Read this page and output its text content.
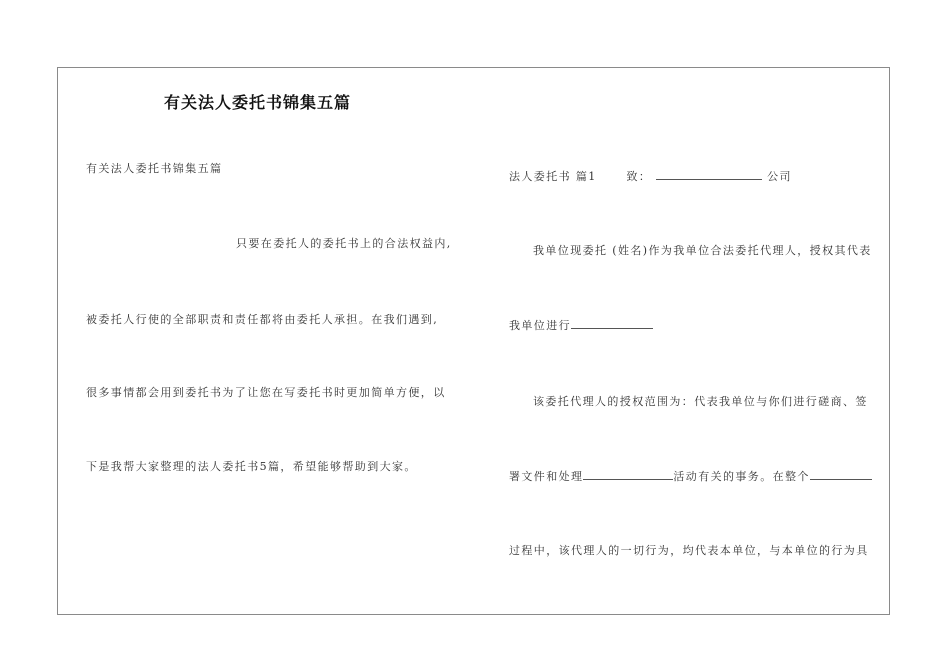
有关法人委托书锦集五篇
有关法人委托书锦集五篇
只要在委托人的委托书上的合法权益内,
被委托人行使的全部职责和责任都将由委托人承担。在我们遇到,
很多事情都会用到委托书为了让您在写委托书时更加简单方便，以
下是我帮大家整理的法人委托书5篇，希望能够帮助到大家。
法人委托书 篇1	致：	公司
我单位现委托 (姓名)作为我单位合法委托代理人，授权其代表
我单位进行
该委托代理人的授权范围为：代表我单位与你们进行磋商、签
署文件和处理	活动有关的事务。在整个
过程中，该代理人的一切行为，均代表本单位，与本单位的行为具
